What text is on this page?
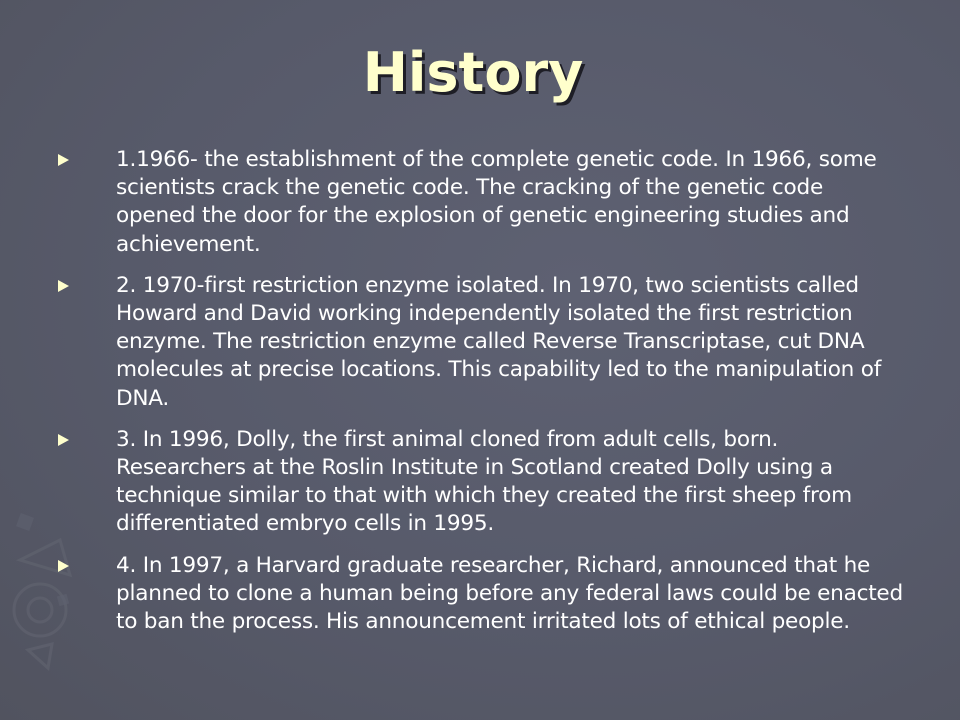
History
1.1966- the establishment of the complete genetic code. In 1966, some scientists crack the genetic code. The cracking of the genetic code opened the door for the explosion of genetic engineering studies and achievement.
2. 1970-first restriction enzyme isolated. In 1970, two scientists called Howard and David working independently isolated the first restriction enzyme. The restriction enzyme called Reverse Transcriptase, cut DNA molecules at precise locations. This capability led to the manipulation of DNA.
3. In 1996, Dolly, the first animal cloned from adult cells, born. Researchers at the Roslin Institute in Scotland created Dolly using a technique similar to that with which they created the first sheep from differentiated embryo cells in 1995.
4. In 1997, a Harvard graduate researcher, Richard, announced that he planned to clone a human being before any federal laws could be enacted to ban the process. His announcement irritated lots of ethical people.
